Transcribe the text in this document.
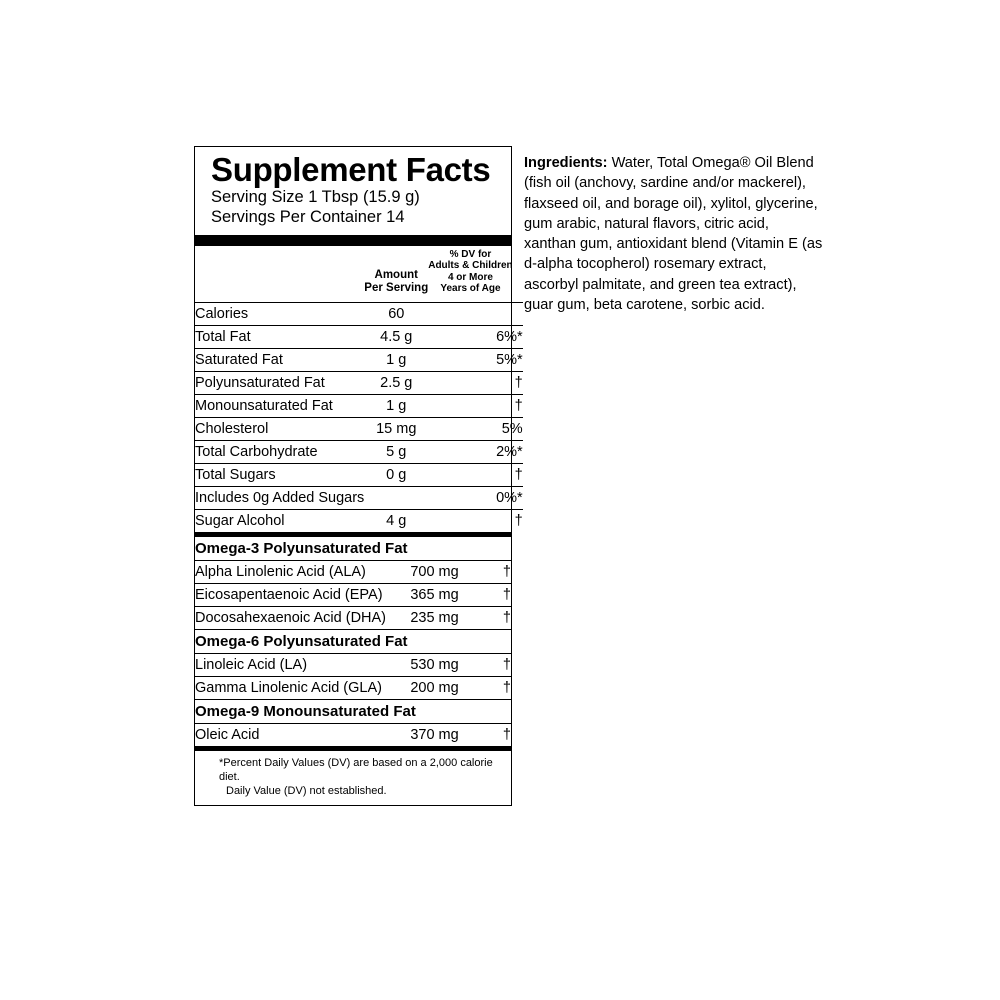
Supplement Facts
Serving Size 1 Tbsp (15.9 g)
Servings Per Container 14

Amount
Per Serving

% DV for
Adults & Children
4 or More
Years of Age

Calories	60	
Total Fat	4.5 g	6%*
Saturated Fat	1 g	5%*
Polyunsaturated Fat	2.5 g	†
Monounsaturated Fat	1 g	†
Cholesterol	15 mg	5%
Total Carbohydrate	5 g	2%*
Total Sugars	0 g	†
Includes 0g Added Sugars		0%*
Sugar Alcohol	4 g	†
Omega-3 Polyunsaturated Fat		
Alpha Linolenic Acid (ALA)	700 mg	†
Eicosapentaenoic Acid (EPA)	365 mg	†
Docosahexaenoic Acid (DHA)	235 mg	†
Omega-6 Polyunsaturated Fat		
Linoleic Acid (LA)	530 mg	†
Gamma Linolenic Acid (GLA)	200 mg	†
Omega-9 Monounsaturated Fat		
Oleic Acid	370 mg	†
*Percent Daily Values (DV) are based on a 2,000 calorie diet.
Daily Value (DV) not established.
Ingredients: Water, Total Omega® Oil Blend (fish oil (anchovy, sardine and/or mackerel), flaxseed oil, and borage oil), xylitol, glycerine, gum arabic, natural flavors, citric acid, xanthan gum, antioxidant blend (Vitamin E (as d-alpha tocopherol) rosemary extract, ascorbyl palmitate, and green tea extract), guar gum, beta carotene, sorbic acid.
